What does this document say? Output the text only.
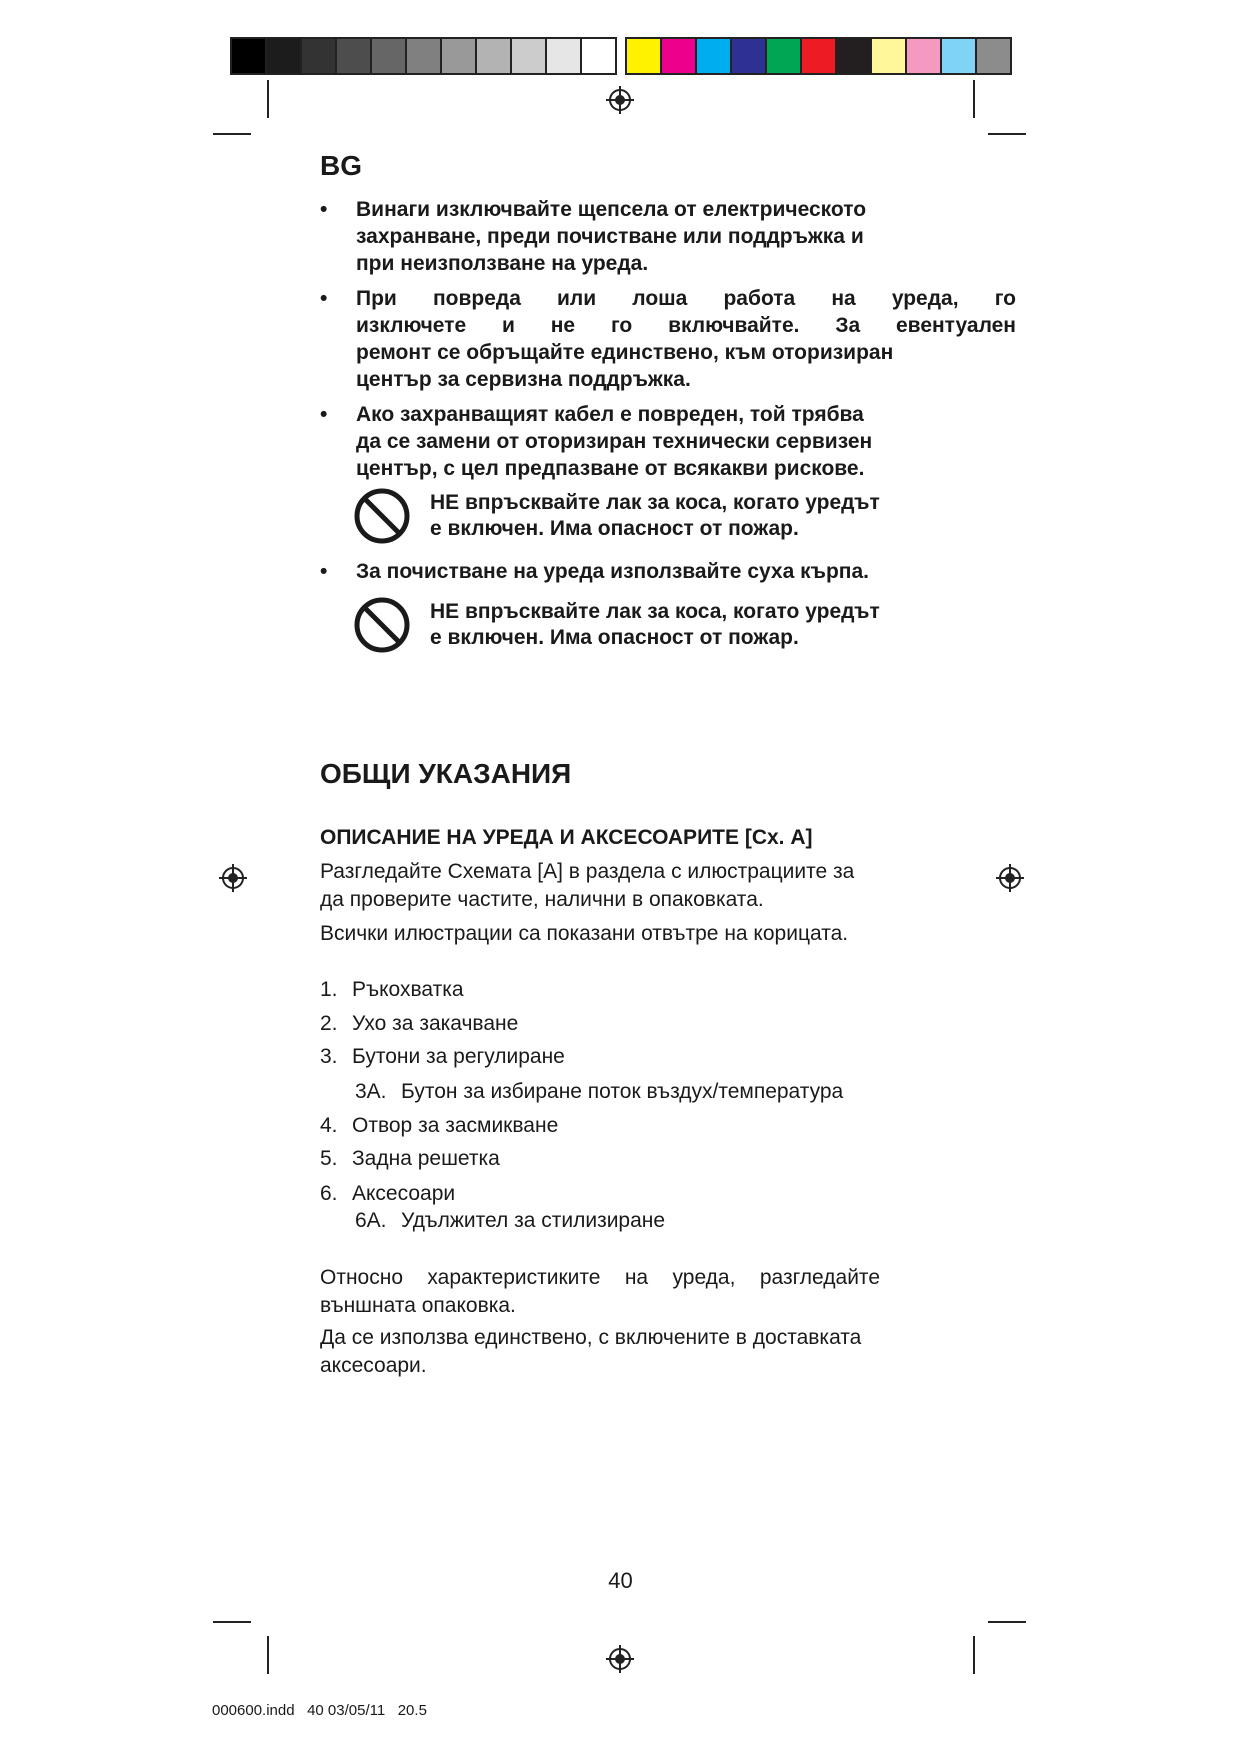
BG
•	Винаги изключвайте щепсела от електрическото
захранване, преди почистване или поддръжка и
при неизползване на уреда.
•	При повреда или лоша работа на уреда, го
изключете и не го включвайте. За евентуален
ремонт се обръщайте единствено, към оторизиран
център за сервизна поддръжка.
•	Ако захранващият кабел е повреден, той трябва
да се замени от оторизиран технически сервизен
център, с цел предпазване от всякакви рискове.
НЕ впръсквайте лак за коса, когато уредът
е включен. Има опасност от пожар.
•	За почистване на уреда използвайте суха кърпа.
НЕ впръсквайте лак за коса, когато уредът
е включен. Има опасност от пожар.
ОБЩИ УКАЗАНИЯ
ОПИСАНИЕ НА УРЕДА И АКСЕСОАРИТЕ [Сх. А]
Разгледайте Схемата [А] в раздела с илюстрациите за
да проверите частите, налични в опаковката.
Всички илюстрации са показани отвътре на корицата.
1. Ръкохватка
2. Ухо за закачване
3. Бутони за регулиране
3A. Бутон за избиране поток въздух/температура
4. Отвор за засмикване
5. Задна решетка
6. Аксесоари
6A. Удължител за стилизиране
Относно характеристиките на уреда, разгледайте
външната опаковка.
Да се използва единствено, с включените в доставката
аксесоари.
40
000600.indd   40 03/05/11   20.5
